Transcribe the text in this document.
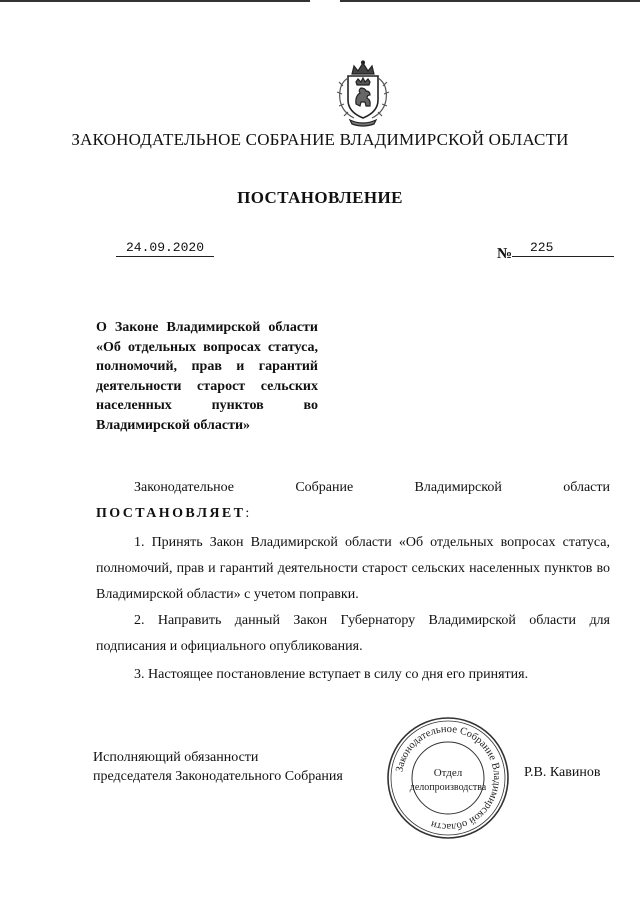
ЗАКОНОДАТЕЛЬНОЕ СОБРАНИЕ ВЛАДИМИРСКОЙ ОБЛАСТИ
ПОСТАНОВЛЕНИЕ
24.09.2020	№	225
О Законе Владимирской области «Об отдельных вопросах статуса, полномочий, прав и гарантий деятельности старост сельских населенных пунктов во Владимирской области»
Законодательное Собрание Владимирской области
ПОСТАНОВЛЯЕТ:
1. Принять Закон Владимирской области «Об отдельных вопросах статуса, полномочий, прав и гарантий деятельности старост сельских населенных пунктов во Владимирской области» с учетом поправки.
2. Направить данный Закон Губернатору Владимирской области для подписания и официального опубликования.
3. Настоящее постановление вступает в силу со дня его принятия.
Исполняющий обязанности
председателя Законодательного Собрания	Р.В. Кавинов
Законодательное Собрание Владимирской области
Отдел
делопроизводства
